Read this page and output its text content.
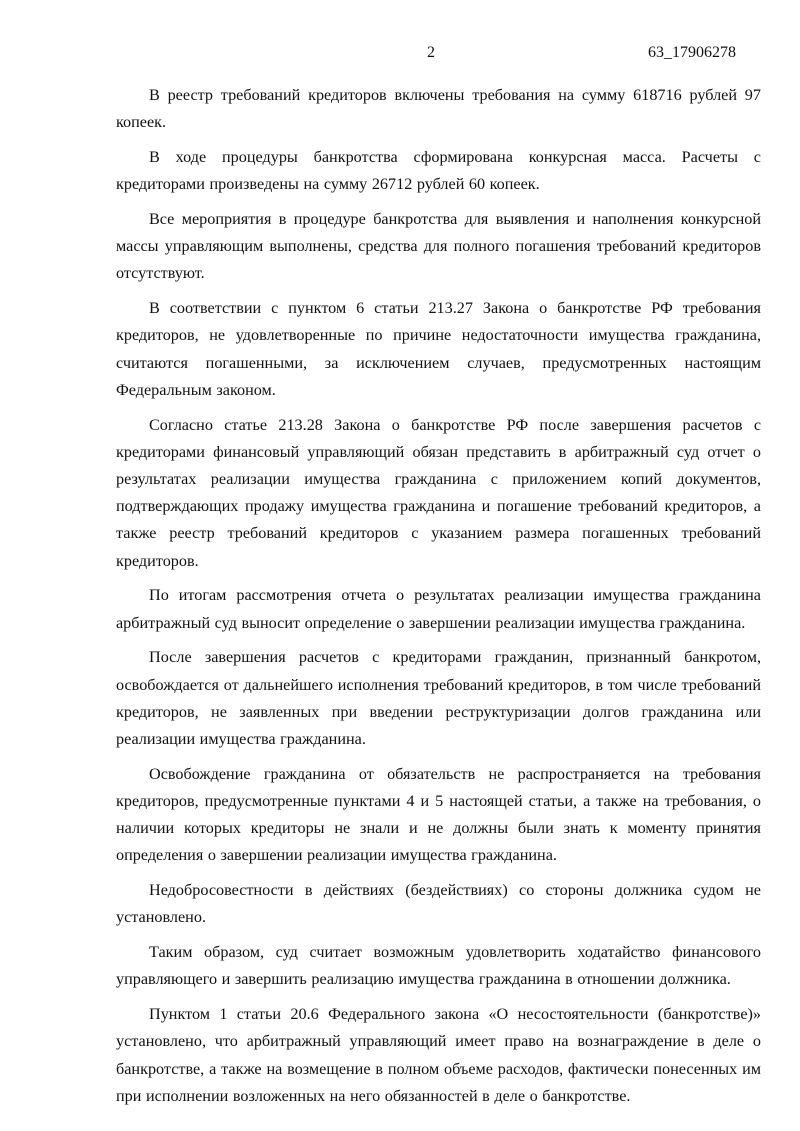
2	63_17906278

В реестр требований кредиторов включены требования на сумму 618716 рублей 97 копеек.

В ходе процедуры банкротства сформирована конкурсная масса. Расчеты с кредиторами произведены на сумму 26712 рублей 60 копеек.

Все мероприятия в процедуре банкротства для выявления и наполнения конкурсной массы управляющим выполнены, средства для полного погашения требований кредиторов отсутствуют.

В соответствии с пунктом 6 статьи 213.27 Закона о банкротстве РФ требования кредиторов, не удовлетворенные по причине недостаточности имущества гражданина, считаются погашенными, за исключением случаев, предусмотренных настоящим Федеральным законом.

Согласно статье 213.28 Закона о банкротстве РФ после завершения расчетов с кредиторами финансовый управляющий обязан представить в арбитражный суд отчет о результатах реализации имущества гражданина с приложением копий документов, подтверждающих продажу имущества гражданина и погашение требований кредиторов, а также реестр требований кредиторов с указанием размера погашенных требований кредиторов.

По итогам рассмотрения отчета о результатах реализации имущества гражданина арбитражный суд выносит определение о завершении реализации имущества гражданина.

После завершения расчетов с кредиторами гражданин, признанный банкротом, освобождается от дальнейшего исполнения требований кредиторов, в том числе требований кредиторов, не заявленных при введении реструктуризации долгов гражданина или реализации имущества гражданина.

Освобождение гражданина от обязательств не распространяется на требования кредиторов, предусмотренные пунктами 4 и 5 настоящей статьи, а также на требования, о наличии которых кредиторы не знали и не должны были знать к моменту принятия определения о завершении реализации имущества гражданина.

Недобросовестности в действиях (бездействиях) со стороны должника судом не установлено.

Таким образом, суд считает возможным удовлетворить ходатайство финансового управляющего и завершить реализацию имущества гражданина в отношении должника.

Пунктом 1 статьи 20.6 Федерального закона «О несостоятельности (банкротстве)» установлено, что арбитражный управляющий имеет право на вознаграждение в деле о банкротстве, а также на возмещение в полном объеме расходов, фактически понесенных им при исполнении возложенных на него обязанностей в деле о банкротстве.
